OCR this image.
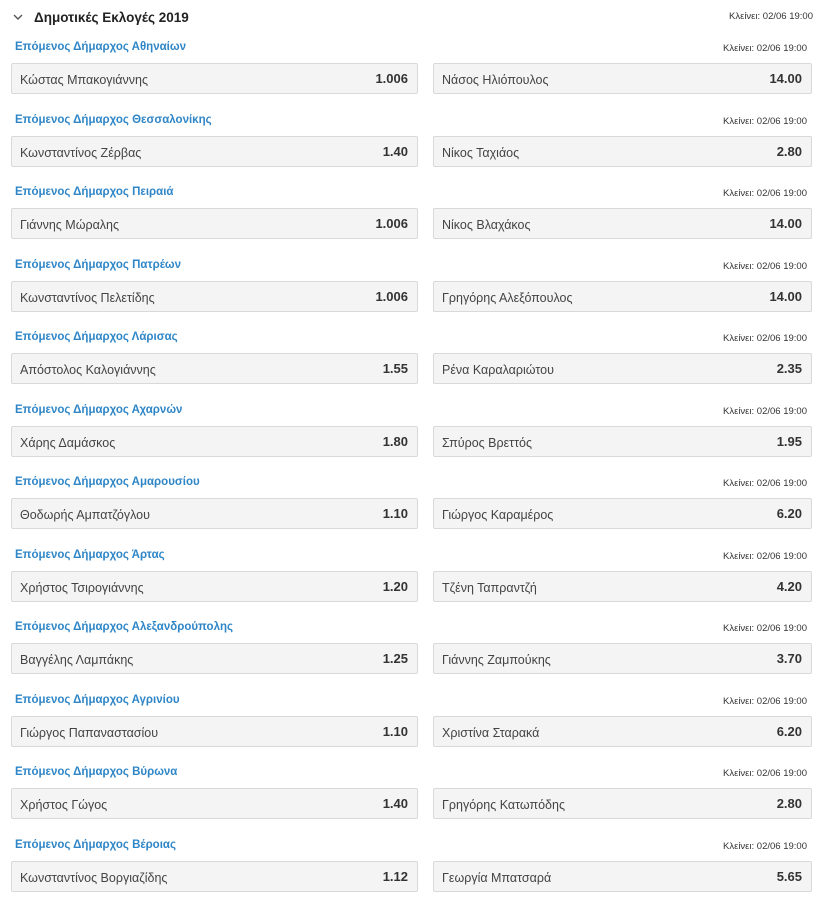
Δημοτικές Εκλογές 2019	Κλείνει: 02/06 19:00
Επόμενος Δήμαρχος Αθηναίων	Κλείνει: 02/06 19:00
Κώστας Μπακογιάννης	1.006	Νάσος Ηλιόπουλος	14.00
Επόμενος Δήμαρχος Θεσσαλονίκης	Κλείνει: 02/06 19:00
Κωνσταντίνος Ζέρβας	1.40	Νίκος Ταχιάος	2.80
Επόμενος Δήμαρχος Πειραιά	Κλείνει: 02/06 19:00
Γιάννης Μώραλης	1.006	Νίκος Βλαχάκος	14.00
Επόμενος Δήμαρχος Πατρέων	Κλείνει: 02/06 19:00
Κωνσταντίνος Πελετίδης	1.006	Γρηγόρης Αλεξόπουλος	14.00
Επόμενος Δήμαρχος Λάρισας	Κλείνει: 02/06 19:00
Απόστολος Καλογιάννης	1.55	Ρένα Καραλαριώτου	2.35
Επόμενος Δήμαρχος Αχαρνών	Κλείνει: 02/06 19:00
Χάρης Δαμάσκος	1.80	Σπύρος Βρεττός	1.95
Επόμενος Δήμαρχος Αμαρουσίου	Κλείνει: 02/06 19:00
Θοδωρής Αμπατζόγλου	1.10	Γιώργος Καραμέρος	6.20
Επόμενος Δήμαρχος Άρτας	Κλείνει: 02/06 19:00
Χρήστος Τσιρογιάννης	1.20	Τζένη Ταπραντζή	4.20
Επόμενος Δήμαρχος Αλεξανδρούπολης	Κλείνει: 02/06 19:00
Βαγγέλης Λαμπάκης	1.25	Γιάννης Ζαμπούκης	3.70
Επόμενος Δήμαρχος Αγρινίου	Κλείνει: 02/06 19:00
Γιώργος Παπαναστασίου	1.10	Χριστίνα Σταρακά	6.20
Επόμενος Δήμαρχος Βύρωνα	Κλείνει: 02/06 19:00
Χρήστος Γώγος	1.40	Γρηγόρης Κατωπόδης	2.80
Επόμενος Δήμαρχος Βέροιας	Κλείνει: 02/06 19:00
Κωνσταντίνος Βοργιαζίδης	1.12	Γεωργία Μπατσαρά	5.65
